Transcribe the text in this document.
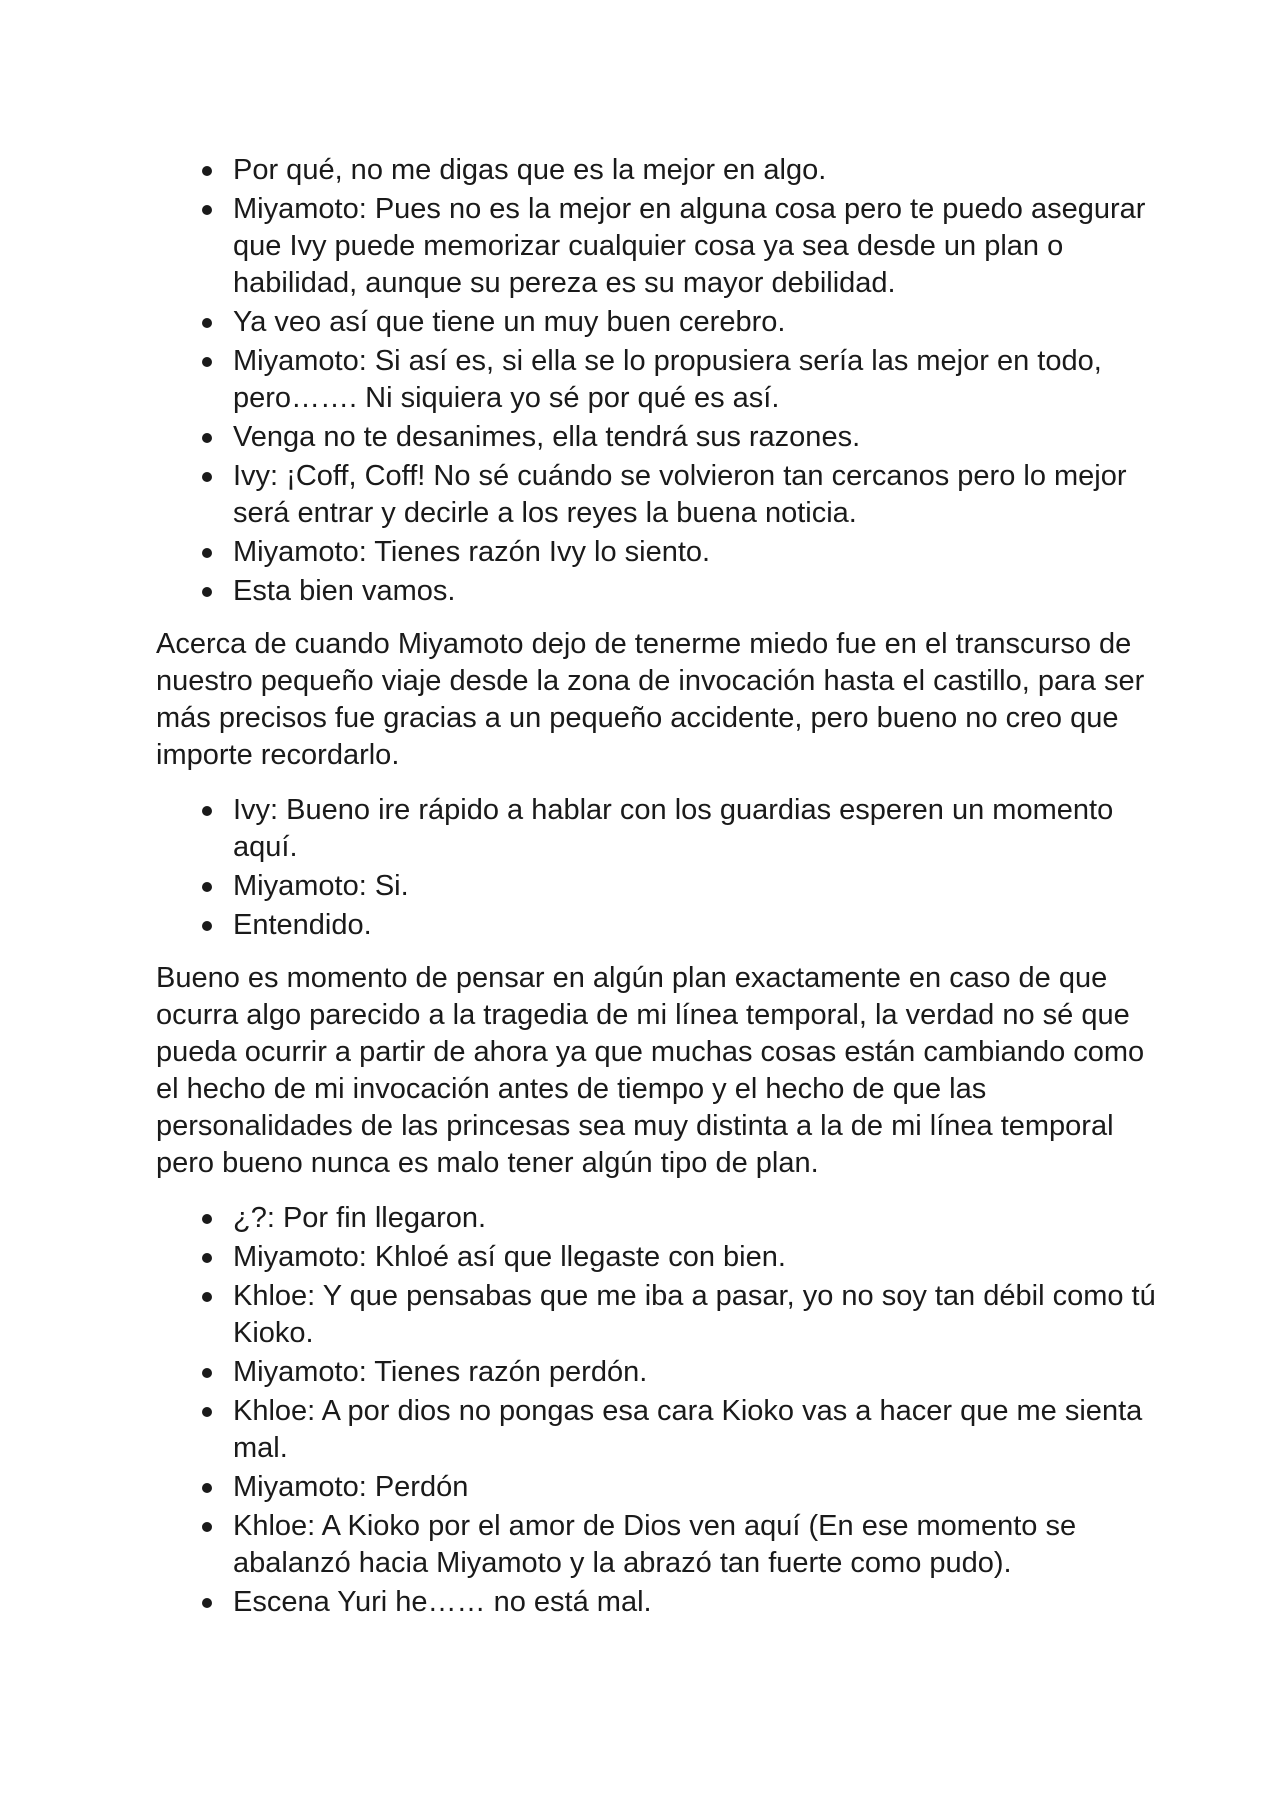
Por qué, no me digas que es la mejor en algo.
Miyamoto: Pues no es la mejor en alguna cosa pero te puedo asegurar que Ivy puede memorizar cualquier cosa ya sea desde un plan o habilidad, aunque su pereza es su mayor debilidad.
Ya veo así que tiene un muy buen cerebro.
Miyamoto: Si así es, si ella se lo propusiera sería las mejor en todo, pero……. Ni siquiera yo sé por qué es así.
Venga no te desanimes, ella tendrá sus razones.
Ivy: ¡Coff, Coff! No sé cuándo se volvieron tan cercanos pero lo mejor será entrar y decirle a los reyes la buena noticia.
Miyamoto: Tienes razón Ivy lo siento.
Esta bien vamos.

Acerca de cuando Miyamoto dejo de tenerme miedo fue en el transcurso de nuestro pequeño viaje desde la zona de invocación hasta el castillo, para ser más precisos fue gracias a un pequeño accidente, pero bueno no creo que importe recordarlo.

Ivy: Bueno ire rápido a hablar con los guardias esperen un momento aquí.
Miyamoto: Si.
Entendido.

Bueno es momento de pensar en algún plan exactamente en caso de que ocurra algo parecido a la tragedia de mi línea temporal, la verdad no sé que pueda ocurrir a partir de ahora ya que muchas cosas están cambiando como el hecho de mi invocación antes de tiempo y el hecho de que las personalidades de las princesas sea muy distinta a la de mi línea temporal pero bueno nunca es malo tener algún tipo de plan.

¿?: Por fin llegaron.
Miyamoto: Khloé así que llegaste con bien.
Khloe: Y que pensabas que me iba a pasar, yo no soy tan débil como tú Kioko.
Miyamoto: Tienes razón perdón.
Khloe: A por dios no pongas esa cara Kioko vas a hacer que me sienta mal.
Miyamoto: Perdón
Khloe: A Kioko por el amor de Dios ven aquí (En ese momento se abalanzó hacia Miyamoto y la abrazó tan fuerte como pudo).
Escena Yuri he…… no está mal.
